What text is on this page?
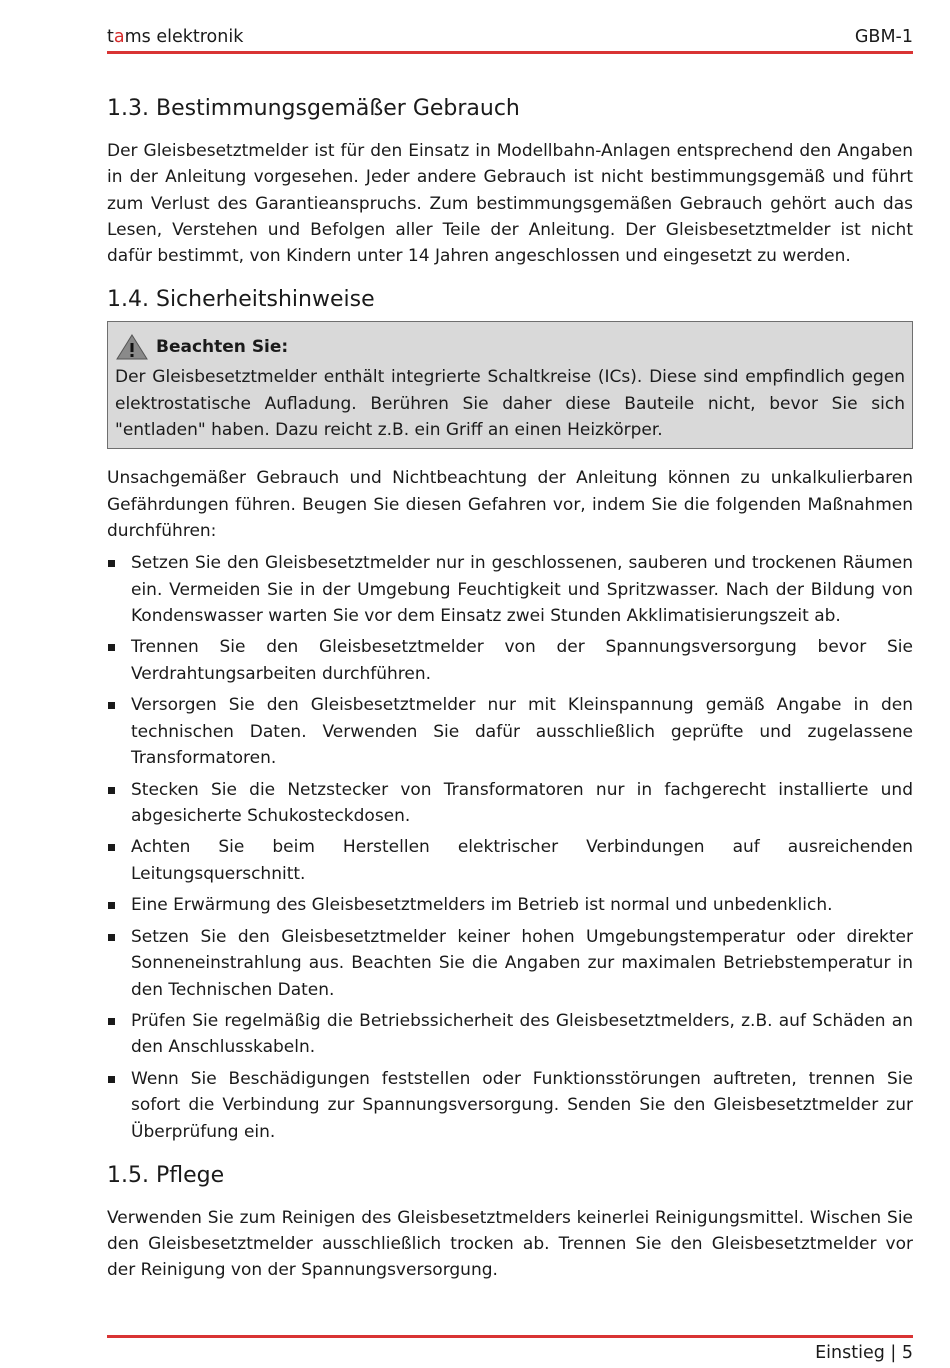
tams elektronik	GBM-1
1.3. Bestimmungsgemäßer Gebrauch

Der Gleisbesetztmelder ist für den Einsatz in Modellbahn-Anlagen entsprechend den Angaben in der Anleitung vorgesehen. Jeder andere Gebrauch ist nicht bestimmungsgemäß und führt zum Verlust des Garantieanspruchs. Zum bestimmungsgemäßen Gebrauch gehört auch das Lesen, Verstehen und Befolgen aller Teile der Anleitung. Der Gleisbesetztmelder ist nicht dafür bestimmt, von Kindern unter 14 Jahren angeschlossen und eingesetzt zu werden.

1.4. Sicherheitshinweise
Beachten Sie:

Der Gleisbesetztmelder enthält integrierte Schaltkreise (ICs). Diese sind empfindlich gegen elektrostatische Aufladung. Berühren Sie daher diese Bauteile nicht, bevor Sie sich "entladen" haben. Dazu reicht z.B. ein Griff an einen Heizkörper.

Unsachgemäßer Gebrauch und Nichtbeachtung der Anleitung können zu unkalkulierbaren Gefährdungen führen. Beugen Sie diesen Gefahren vor, indem Sie die folgenden Maßnahmen durchführen:

Setzen Sie den Gleisbesetztmelder nur in geschlossenen, sauberen und trockenen Räumen ein. Vermeiden Sie in der Umgebung Feuchtigkeit und Spritzwasser. Nach der Bildung von Kondenswasser warten Sie vor dem Einsatz zwei Stunden Akklimatisierungszeit ab.
Trennen Sie den Gleisbesetztmelder von der Spannungsversorgung bevor Sie Verdrahtungsarbeiten durchführen.
Versorgen Sie den Gleisbesetztmelder nur mit Kleinspannung gemäß Angabe in den technischen Daten. Verwenden Sie dafür ausschließlich geprüfte und zugelassene Transformatoren.
Stecken Sie die Netzstecker von Transformatoren nur in fachgerecht installierte und abgesicherte Schukosteckdosen.
Achten Sie beim Herstellen elektrischer Verbindungen auf ausreichenden Leitungsquerschnitt.
Eine Erwärmung des Gleisbesetztmelders im Betrieb ist normal und unbedenklich.
Setzen Sie den Gleisbesetztmelder keiner hohen Umgebungstemperatur oder direkter Sonneneinstrahlung aus. Beachten Sie die Angaben zur maximalen Betriebstemperatur in den Technischen Daten.
Prüfen Sie regelmäßig die Betriebssicherheit des Gleisbesetztmelders, z.B. auf Schäden an den Anschlusskabeln.
Wenn Sie Beschädigungen feststellen oder Funktionsstörungen auftreten, trennen Sie sofort die Verbindung zur Spannungsversorgung. Senden Sie den Gleisbesetztmelder zur Überprüfung ein.
1.5. Pflege

Verwenden Sie zum Reinigen des Gleisbesetztmelders keinerlei Reinigungsmittel. Wischen Sie den Gleisbesetztmelder ausschließlich trocken ab. Trennen Sie den Gleisbesetztmelder vor der Reinigung von der Spannungsversorgung.

Einstieg | 5
